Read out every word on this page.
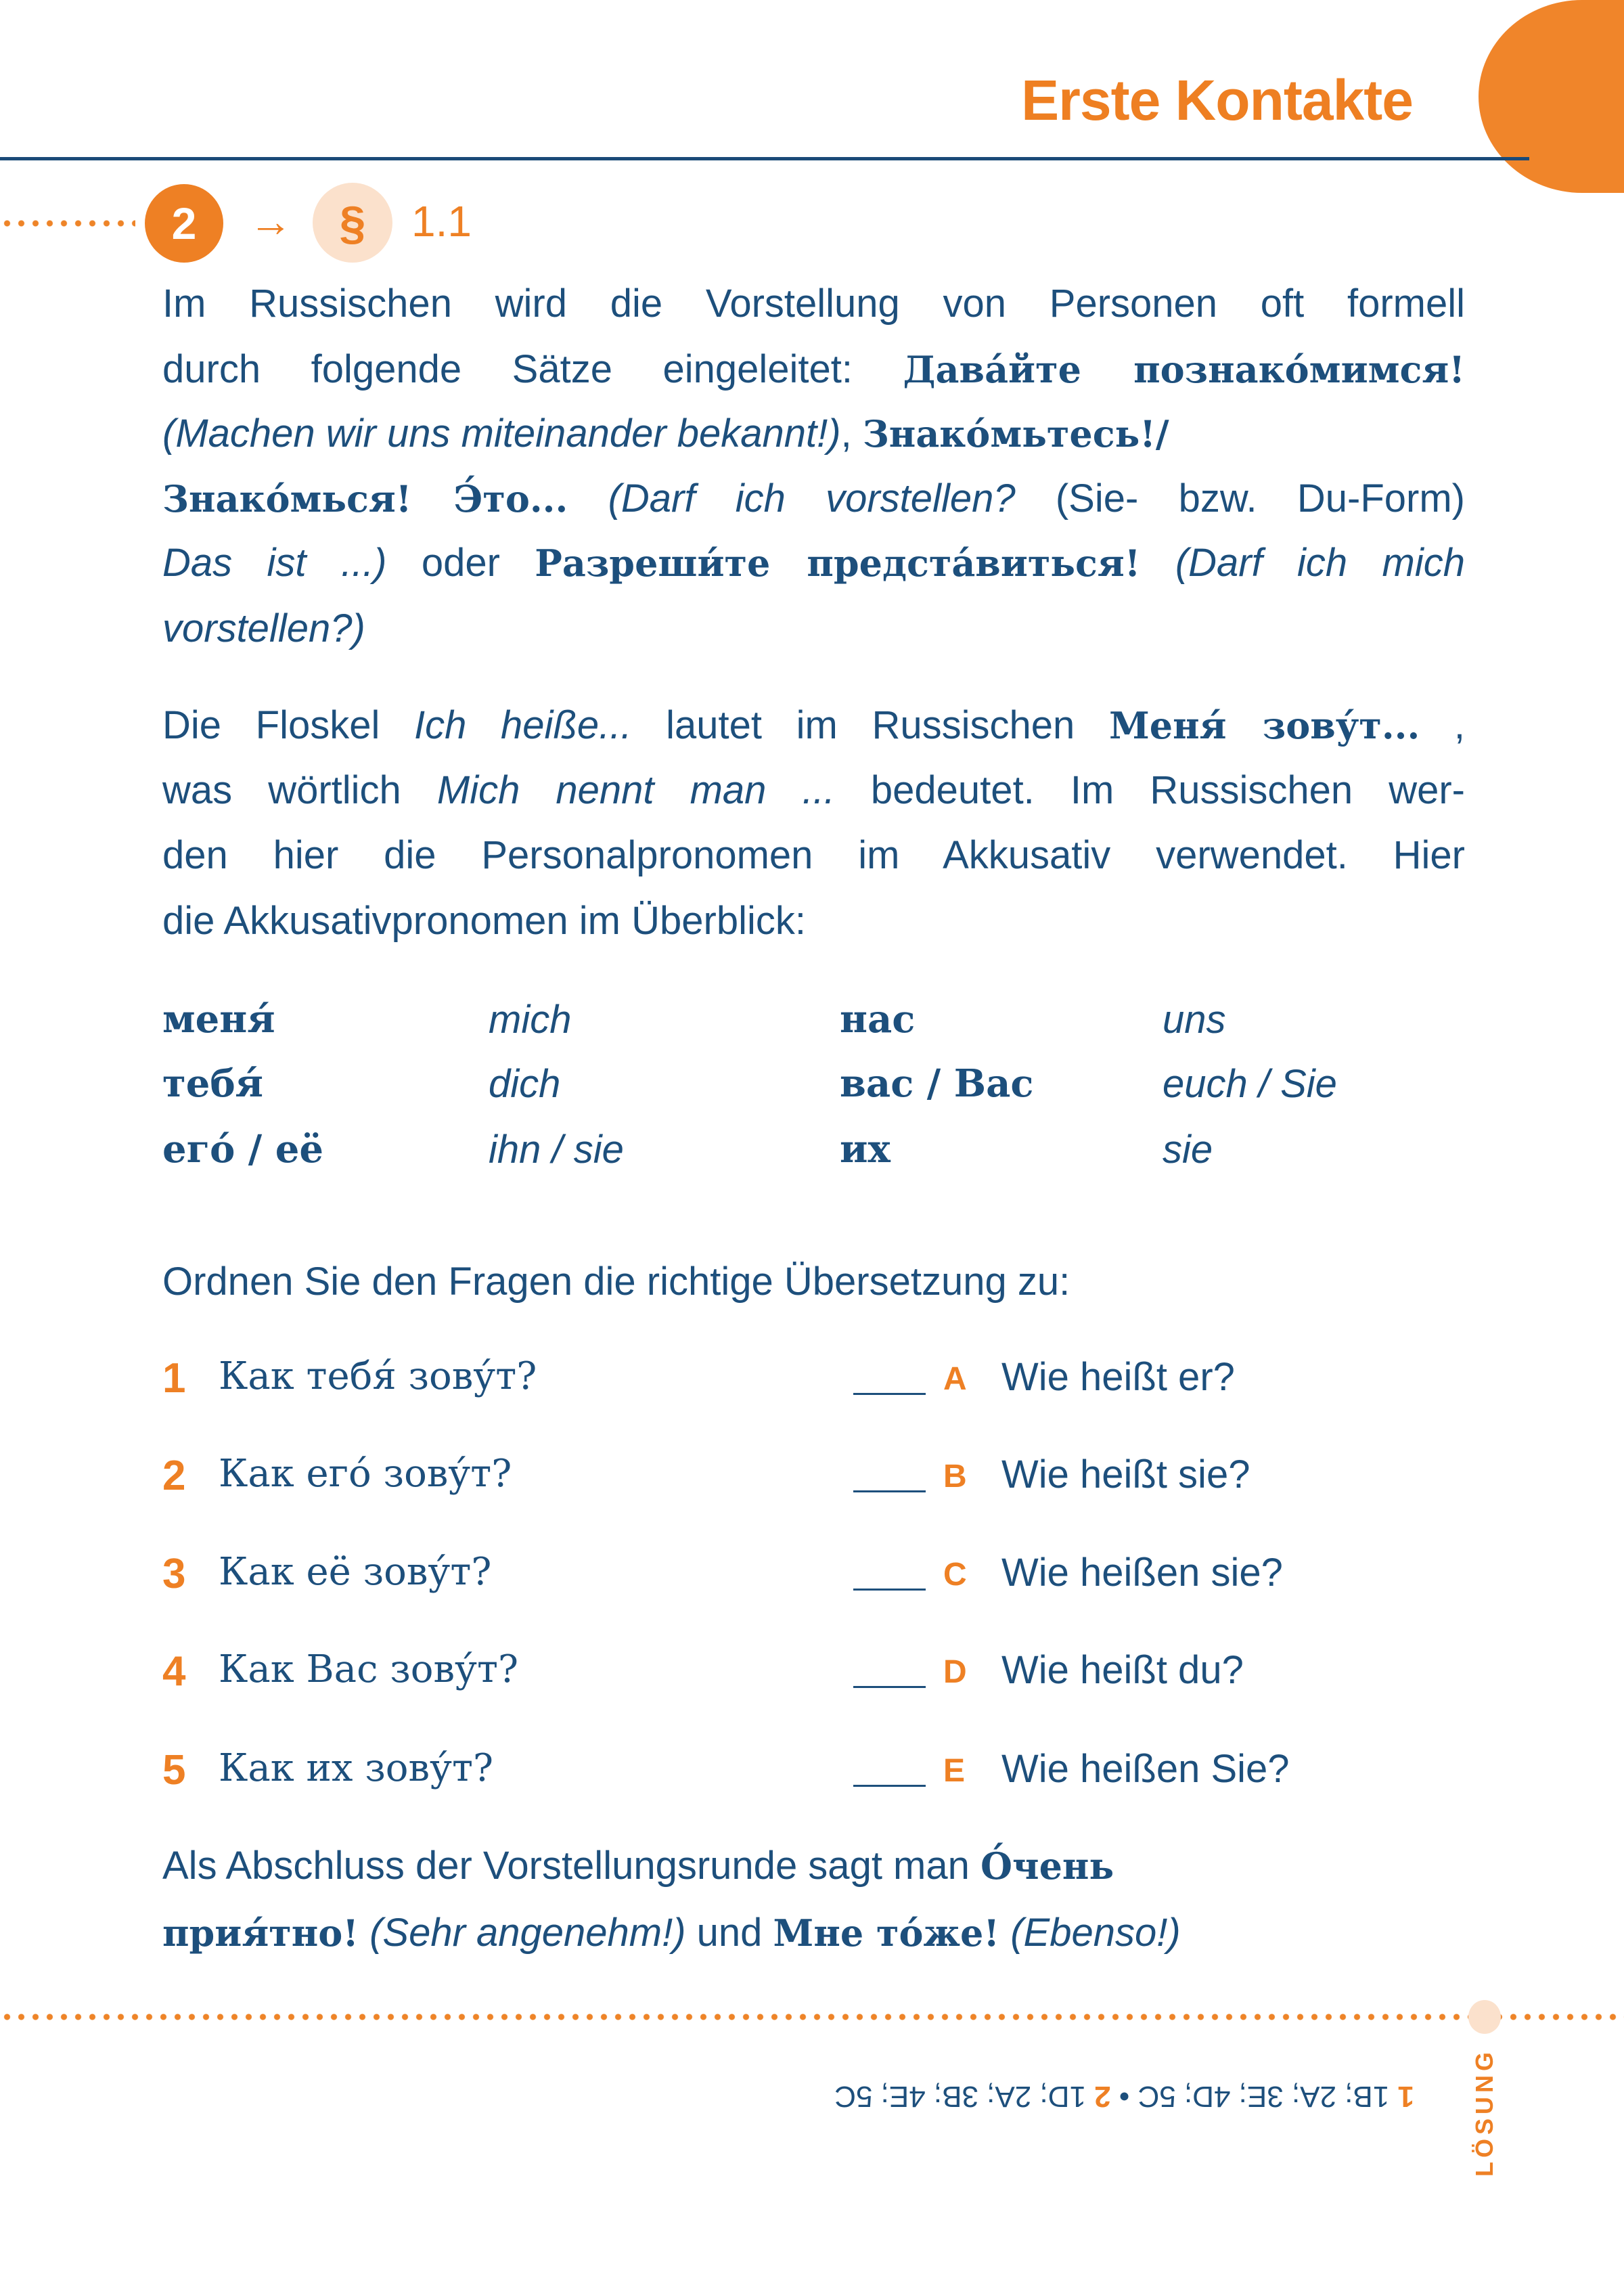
Erste Kontakte
2	→ §	1.1
Im Russischen wird die Vorstellung von Personen oft formell
durch folgende Sätze eingeleitet: Дава́йте познако́мимся!
(Machen wir uns miteinander bekannt!), Знако́мьтесь!/
Знако́мься! Э́то... (Darf ich vorstellen? (Sie- bzw. Du-Form)
Das ist ...) oder Разреши́те предста́виться! (Darf ich mich
vorstellen?)
Die Floskel Ich heiße... lautet im Russischen Меня́ зову́т... ,
was wörtlich Mich nennt man ... bedeutet. Im Russischen wer-
den hier die Personalpronomen im Akkusativ verwendet. Hier
die Akkusativpronomen im Überblick:
меня́	mich	нас	uns
тебя́	dich	вас / Вас	euch / Sie
его́ / её	ihn / sie	их	sie
Ordnen Sie den Fragen die richtige Übersetzung zu:
1 Как тебя́ зову́т?	A Wie heißt er?
2 Как его́ зову́т?	B Wie heißt sie?
3 Как её зову́т?	C Wie heißen sie?
4 Как Вас зову́т?	D Wie heißt du?
5 Как их зову́т?	E Wie heißen Sie?
Als Abschluss der Vorstellungsrunde sagt man О́чень
прия́тно! (Sehr angenehm!) und Мне то́же! (Ebenso!)
1 1B; 2A; 3E; 4D; 5C • 2 1D; 2A; 3B; 4E; 5C	LÖSUNG
